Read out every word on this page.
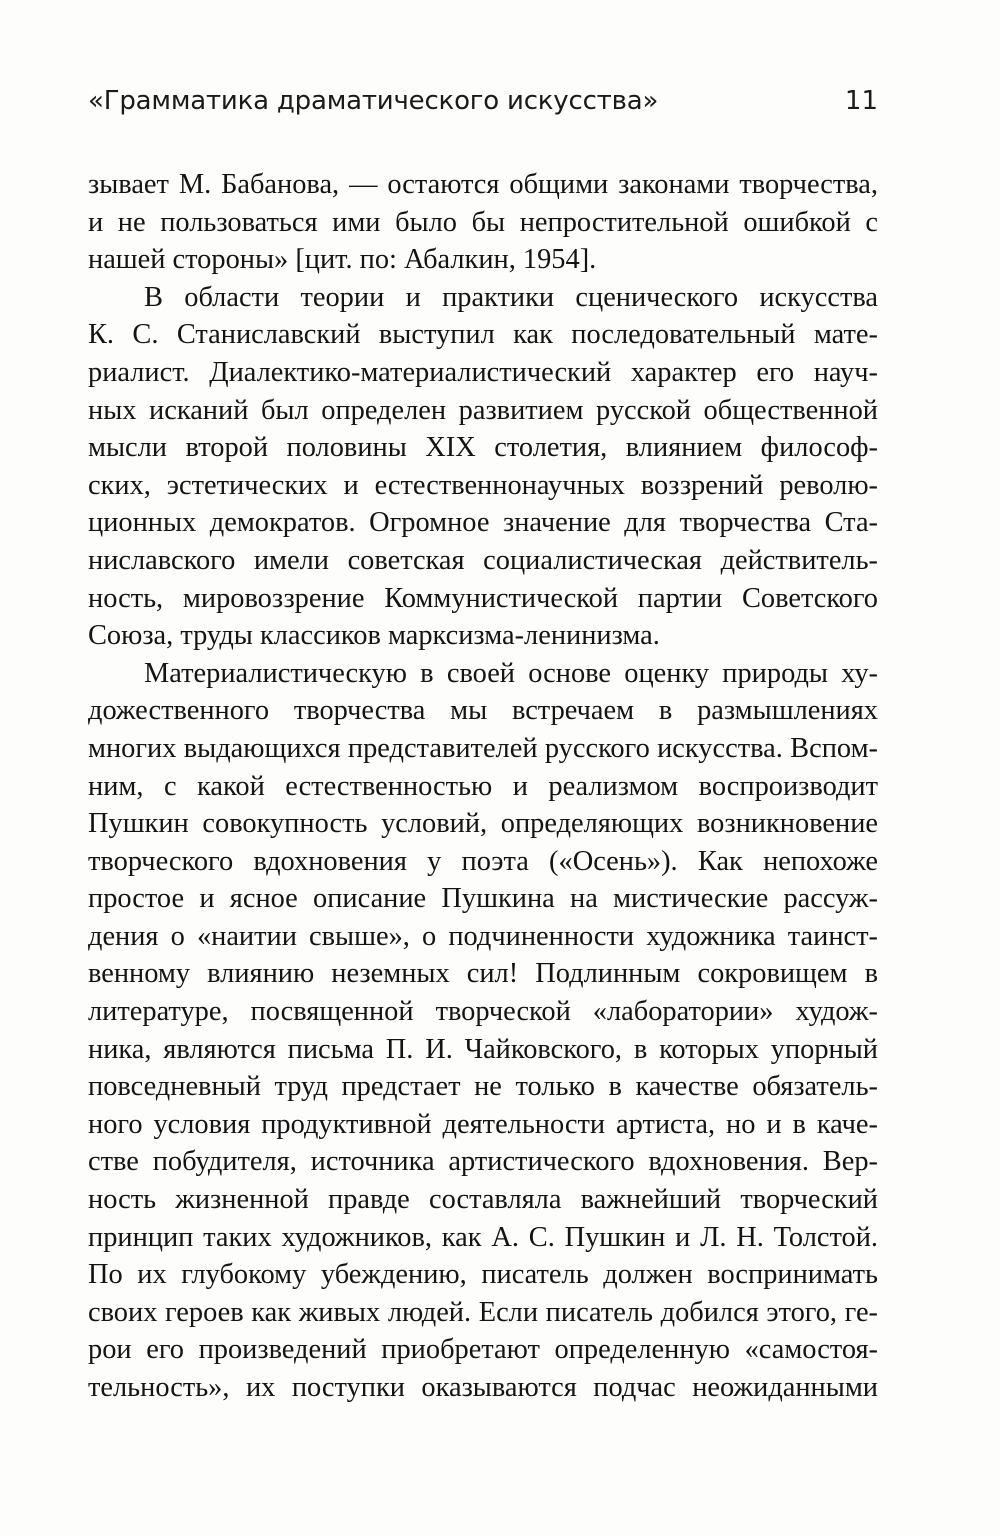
«Грамматика драматического искусства»	11
зывает М. Бабанова, — остаются общими законами творчества,
и не пользоваться ими было бы непростительной ошибкой с
нашей стороны» [цит. по: Абалкин, 1954].
В области теории и практики сценического искусства
К. С. Станиславский выступил как последовательный мате-
риалист. Диалектико-материалистический характер его науч-
ных исканий был определен развитием русской общественной
мысли второй половины XIX столетия, влиянием философ-
ских, эстетических и естественнонаучных воззрений револю-
ционных демократов. Огромное значение для творчества Ста-
ниславского имели советская социалистическая действитель-
ность, мировоззрение Коммунистической партии Советского
Союза, труды классиков марксизма-ленинизма.
Материалистическую в своей основе оценку природы ху-
дожественного творчества мы встречаем в размышлениях
многих выдающихся представителей русского искусства. Вспом-
ним, с какой естественностью и реализмом воспроизводит
Пушкин совокупность условий, определяющих возникновение
творческого вдохновения у поэта («Осень»). Как непохоже
простое и ясное описание Пушкина на мистические рассуж-
дения о «наитии свыше», о подчиненности художника таинст-
венному влиянию неземных сил! Подлинным сокровищем в
литературе, посвященной творческой «лаборатории» худож-
ника, являются письма П. И. Чайковского, в которых упорный
повседневный труд предстает не только в качестве обязатель-
ного условия продуктивной деятельности артиста, но и в каче-
стве побудителя, источника артистического вдохновения. Вер-
ность жизненной правде составляла важнейший творческий
принцип таких художников, как А. С. Пушкин и Л. Н. Толстой.
По их глубокому убеждению, писатель должен воспринимать
своих героев как живых людей. Если писатель добился этого, ге-
рои его произведений приобретают определенную «самостоя-
тельность», их поступки оказываются подчас неожиданными
